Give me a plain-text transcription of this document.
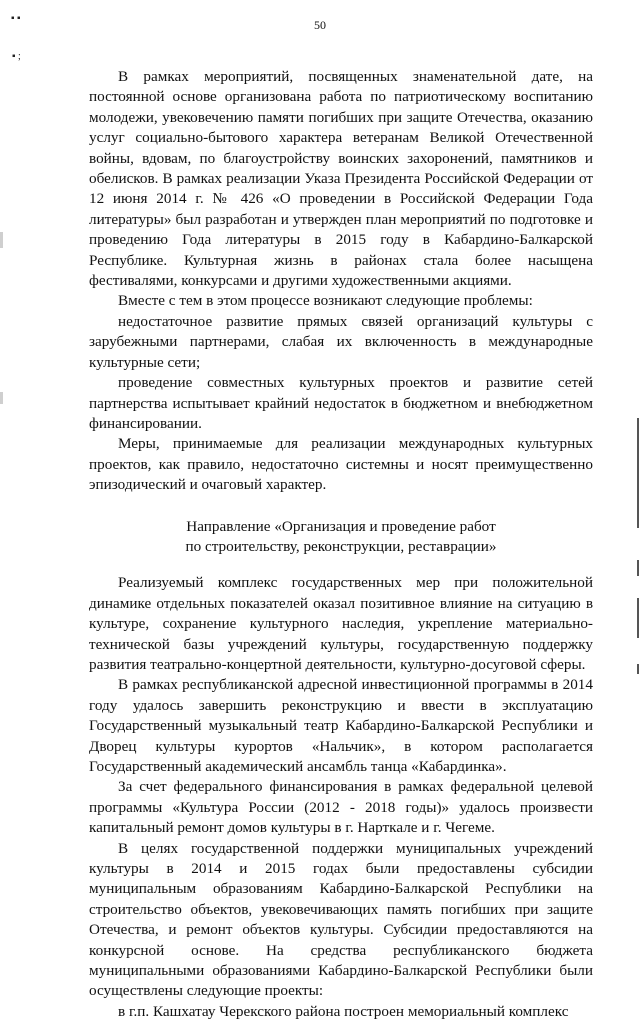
50
▪ ▪
▪ ;

В рамках мероприятий, посвященных знаменательной дате, на постоянной основе организована работа по патриотическому воспитанию молодежи, увековечению памяти погибших при защите Отечества, оказанию услуг социально-бытового характера ветеранам Великой Отечественной войны, вдовам, по благоустройству воинских захоронений, памятников и обелисков. В рамках реализации Указа Президента Российской Федерации от 12 июня 2014 г. № 426 «О проведении в Российской Федерации Года литературы» был разработан и утвержден план мероприятий по подготовке и проведению Года литературы в 2015 году в Кабардино-Балкарской Республике. Культурная жизнь в районах стала более насыщена фестивалями, конкурсами и другими художественными акциями.

Вместе с тем в этом процессе возникают следующие проблемы:

недостаточное развитие прямых связей организаций культуры с зарубежными партнерами, слабая их включенность в международные культурные сети;

проведение совместных культурных проектов и развитие сетей партнерства испытывает крайний недостаток в бюджетном и внебюджетном финансировании.

Меры, принимаемые для реализации международных культурных проектов, как правило, недостаточно системны и носят преимущественно эпизодический и очаговый характер.

Направление «Организация и проведение работ
по строительству, реконструкции, реставрации»

Реализуемый комплекс государственных мер при положительной динамике отдельных показателей оказал позитивное влияние на ситуацию в культуре, сохранение культурного наследия, укрепление материально-технической базы учреждений культуры, государственную поддержку развития театрально-концертной деятельности, культурно-досуговой сферы.

В рамках республиканской адресной инвестиционной программы в 2014 году удалось завершить реконструкцию и ввести в эксплуатацию Государственный музыкальный театр Кабардино-Балкарской Республики и Дворец культуры курортов «Нальчик», в котором располагается Государственный академический ансамбль танца «Кабардинка».

За счет федерального финансирования в рамках федеральной целевой программы «Культура России (2012 - 2018 годы)» удалось произвести капитальный ремонт домов культуры в г. Нарткале и г. Чегеме.

В целях государственной поддержки муниципальных учреждений культуры в 2014 и 2015 годах были предоставлены субсидии муниципальным образованиям Кабардино-Балкарской Республики на строительство объектов, увековечивающих память погибших при защите Отечества, и ремонт объектов культуры. Субсидии предоставляются на конкурсной основе. На средства республиканского бюджета муниципальными образованиями Кабардино-Балкарской Республики были осуществлены следующие проекты:

в г.п. Кашхатау Черекского района построен мемориальный комплекс
